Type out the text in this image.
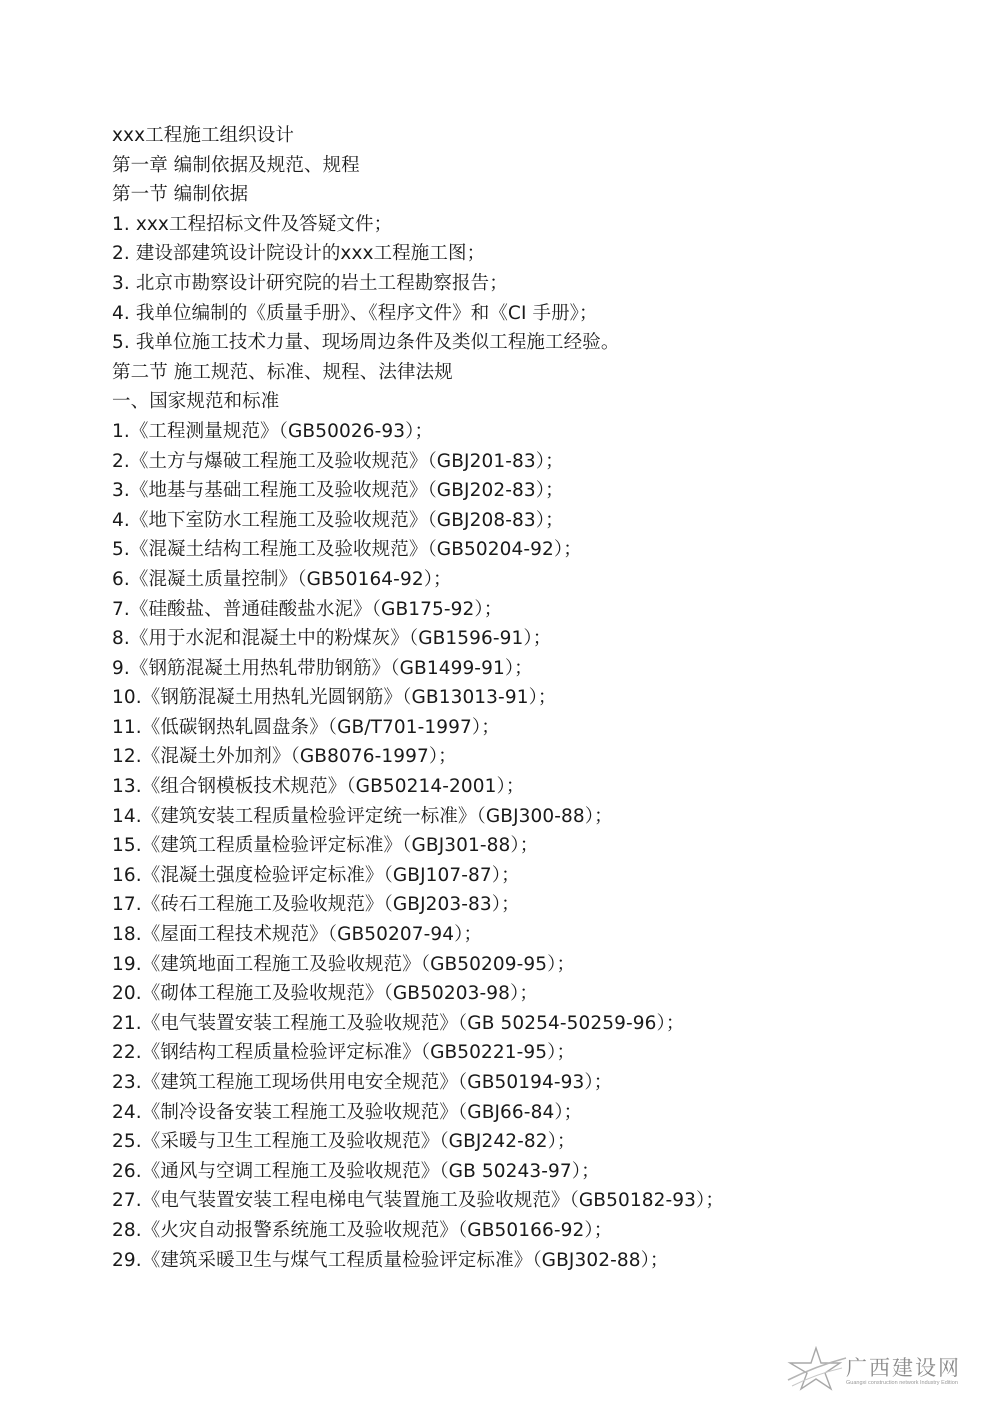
xxx工程施工组织设计
第一章 编制依据及规范、规程
第一节 编制依据
1. xxx工程招标文件及答疑文件；
2. 建设部建筑设计院设计的xxx工程施工图；
3. 北京市勘察设计研究院的岩土工程勘察报告；
4. 我单位编制的《质量手册》、《程序文件》和《CI 手册》；
5. 我单位施工技术力量、现场周边条件及类似工程施工经验。
第二节 施工规范、标准、规程、法律法规
一、国家规范和标准
1.《工程测量规范》（GB50026-93）；
2.《土方与爆破工程施工及验收规范》（GBJ201-83）；
3.《地基与基础工程施工及验收规范》（GBJ202-83）；
4.《地下室防水工程施工及验收规范》（GBJ208-83）；
5.《混凝土结构工程施工及验收规范》（GB50204-92）；
6.《混凝土质量控制》（GB50164-92）；
7.《硅酸盐、普通硅酸盐水泥》（GB175-92）；
8.《用于水泥和混凝土中的粉煤灰》（GB1596-91）；
9.《钢筋混凝土用热轧带肋钢筋》（GB1499-91）；
10.《钢筋混凝土用热轧光圆钢筋》（GB13013-91）；
11.《低碳钢热轧圆盘条》（GB/T701-1997）；
12.《混凝土外加剂》（GB8076-1997）；
13.《组合钢模板技术规范》（GB50214-2001）；
14.《建筑安装工程质量检验评定统一标准》（GBJ300-88）；
15.《建筑工程质量检验评定标准》（GBJ301-88）；
16.《混凝土强度检验评定标准》（GBJ107-87）；
17.《砖石工程施工及验收规范》（GBJ203-83）；
18.《屋面工程技术规范》（GB50207-94）；
19.《建筑地面工程施工及验收规范》（GB50209-95）；
20.《砌体工程施工及验收规范》（GB50203-98）；
21.《电气装置安装工程施工及验收规范》（GB 50254-50259-96）；
22.《钢结构工程质量检验评定标准》（GB50221-95）；
23.《建筑工程施工现场供用电安全规范》（GB50194-93）；
24.《制冷设备安装工程施工及验收规范》（GBJ66-84）；
25.《采暖与卫生工程施工及验收规范》（GBJ242-82）；
26.《通风与空调工程施工及验收规范》（GB 50243-97）；
27.《电气装置安装工程电梯电气装置施工及验收规范》（GB50182-93）；
28.《火灾自动报警系统施工及验收规范》（GB50166-92）；
29.《建筑采暖卫生与煤气工程质量检验评定标准》（GBJ302-88）；
广西建设网
Guangxi construction network Industry Edition
